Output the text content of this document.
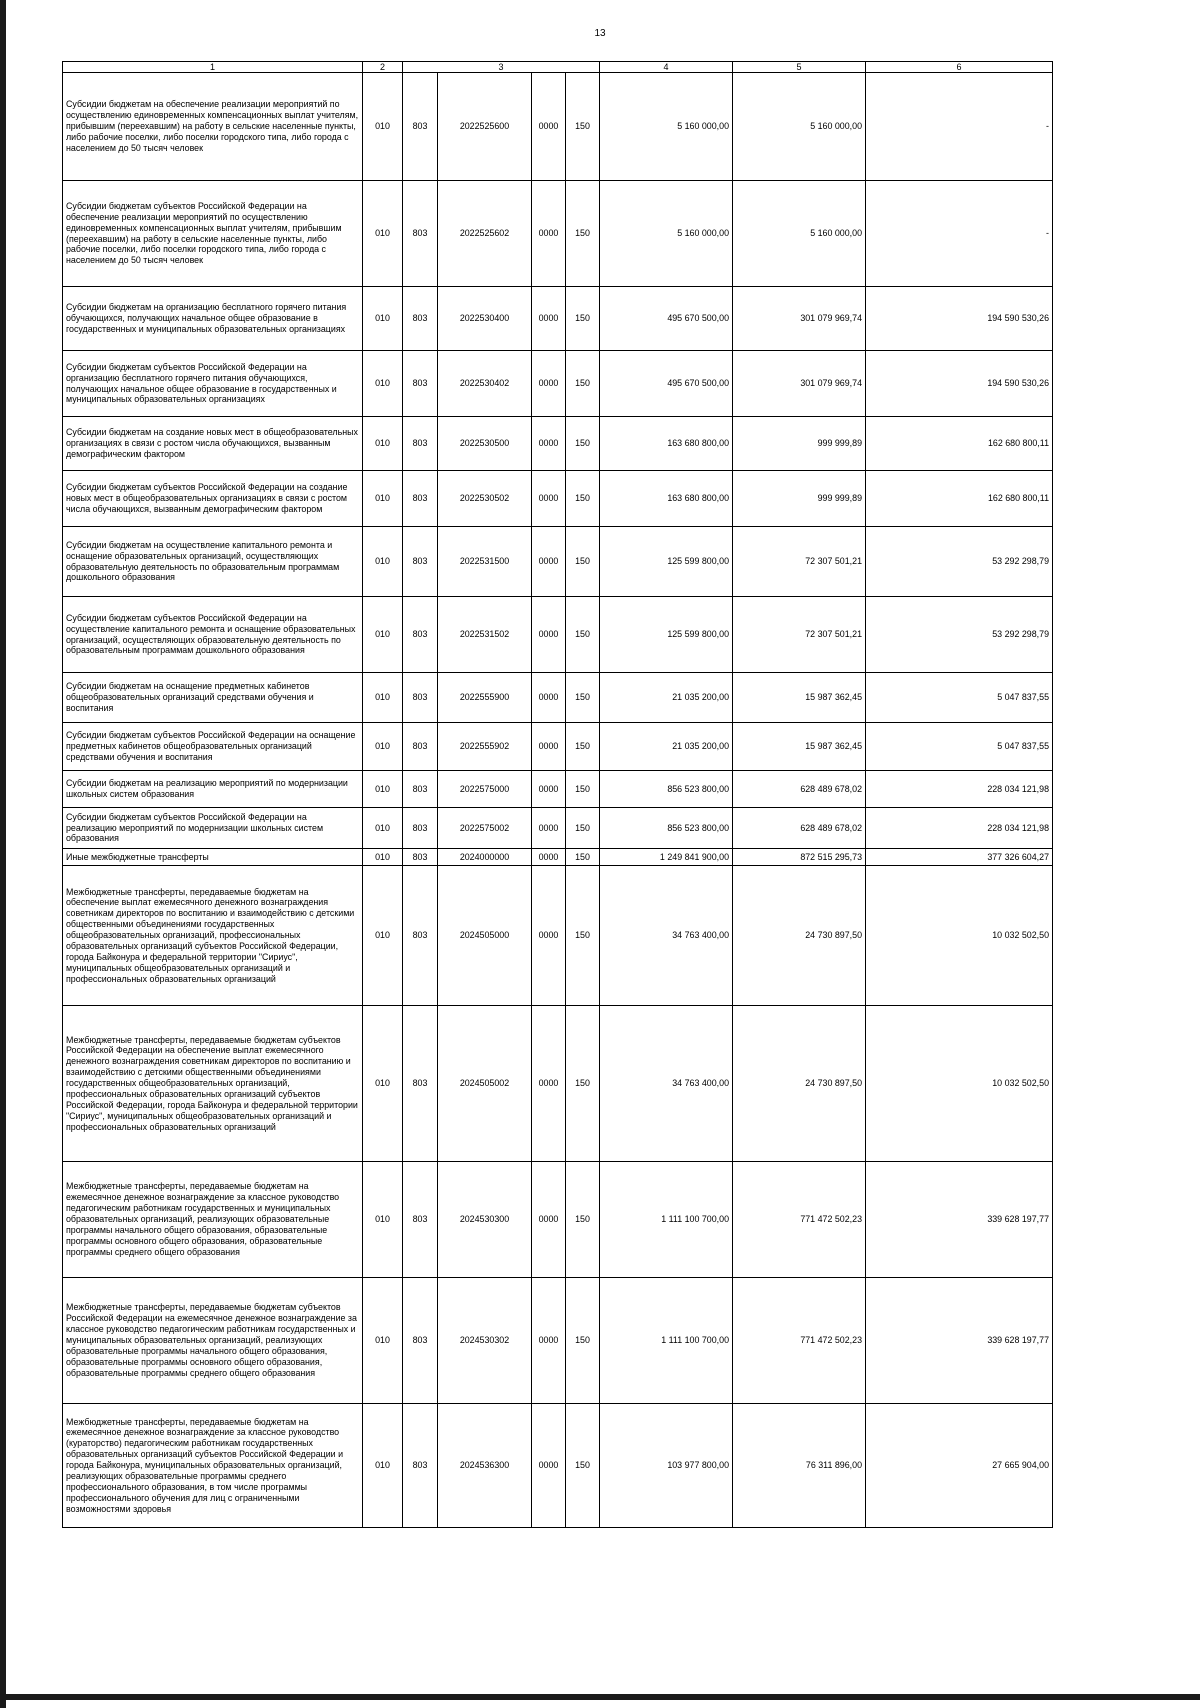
13
1	2	3				4	5	6
Субсидии бюджетам на обеспечение реализации мероприятий по осуществлению единовременных компенсационных выплат учителям, прибывшим (переехавшим) на работу в сельские населенные пункты, либо рабочие поселки, либо поселки городского типа, либо города с населением до 50 тысяч человек	010	803	2022525600	0000	150	5 160 000,00	5 160 000,00	-
Субсидии бюджетам субъектов Российской Федерации на обеспечение реализации мероприятий по осуществлению единовременных компенсационных выплат учителям, прибывшим (переехавшим) на работу в сельские населенные пункты, либо рабочие поселки, либо поселки городского типа, либо города с населением до 50 тысяч человек	010	803	2022525602	0000	150	5 160 000,00	5 160 000,00	-
Субсидии бюджетам на организацию бесплатного горячего питания обучающихся, получающих начальное общее образование в государственных и муниципальных образовательных организациях	010	803	2022530400	0000	150	495 670 500,00	301 079 969,74	194 590 530,26
Субсидии бюджетам субъектов Российской Федерации на организацию бесплатного горячего питания обучающихся, получающих начальное общее образование в государственных и муниципальных образовательных организациях	010	803	2022530402	0000	150	495 670 500,00	301 079 969,74	194 590 530,26
Субсидии бюджетам на создание новых мест в общеобразовательных организациях в связи с ростом числа обучающихся, вызванным демографическим фактором	010	803	2022530500	0000	150	163 680 800,00	999 999,89	162 680 800,11
Субсидии бюджетам субъектов Российской Федерации на создание новых мест в общеобразовательных организациях в связи с ростом числа обучающихся, вызванным демографическим фактором	010	803	2022530502	0000	150	163 680 800,00	999 999,89	162 680 800,11
Субсидии бюджетам на осуществление капитального ремонта и оснащение образовательных организаций, осуществляющих образовательную деятельность по образовательным программам дошкольного образования	010	803	2022531500	0000	150	125 599 800,00	72 307 501,21	53 292 298,79
Субсидии бюджетам субъектов Российской Федерации на осуществление капитального ремонта и оснащение образовательных организаций, осуществляющих образовательную деятельность по образовательным программам дошкольного образования	010	803	2022531502	0000	150	125 599 800,00	72 307 501,21	53 292 298,79
Субсидии бюджетам на оснащение предметных кабинетов общеобразовательных организаций средствами обучения и воспитания	010	803	2022555900	0000	150	21 035 200,00	15 987 362,45	5 047 837,55
Субсидии бюджетам субъектов Российской Федерации на оснащение предметных кабинетов общеобразовательных организаций средствами обучения и воспитания	010	803	2022555902	0000	150	21 035 200,00	15 987 362,45	5 047 837,55
Субсидии бюджетам на реализацию мероприятий по модернизации школьных систем образования	010	803	2022575000	0000	150	856 523 800,00	628 489 678,02	228 034 121,98
Субсидии бюджетам субъектов Российской Федерации на реализацию мероприятий по модернизации школьных систем образования	010	803	2022575002	0000	150	856 523 800,00	628 489 678,02	228 034 121,98
Иные межбюджетные трансферты	010	803	2024000000	0000	150	1 249 841 900,00	872 515 295,73	377 326 604,27
Межбюджетные трансферты, передаваемые бюджетам на обеспечение выплат ежемесячного денежного вознаграждения советникам директоров по воспитанию и взаимодействию с детскими общественными объединениями государственных общеобразовательных организаций, профессиональных образовательных организаций субъектов Российской Федерации, города Байконура и федеральной территории "Сириус", муниципальных общеобразовательных организаций и профессиональных образовательных организаций	010	803	2024505000	0000	150	34 763 400,00	24 730 897,50	10 032 502,50
Межбюджетные трансферты, передаваемые бюджетам субъектов Российской Федерации на обеспечение выплат ежемесячного денежного вознаграждения советникам директоров по воспитанию и взаимодействию с детскими общественными объединениями государственных общеобразовательных организаций, профессиональных образовательных организаций субъектов Российской Федерации, города Байконура и федеральной территории "Сириус", муниципальных общеобразовательных организаций и профессиональных образовательных организаций	010	803	2024505002	0000	150	34 763 400,00	24 730 897,50	10 032 502,50
Межбюджетные трансферты, передаваемые бюджетам на ежемесячное денежное вознаграждение за классное руководство педагогическим работникам государственных и муниципальных образовательных организаций, реализующих образовательные программы начального общего образования, образовательные программы основного общего образования, образовательные программы среднего общего образования	010	803	2024530300	0000	150	1 111 100 700,00	771 472 502,23	339 628 197,77
Межбюджетные трансферты, передаваемые бюджетам субъектов Российской Федерации на ежемесячное денежное вознаграждение за классное руководство педагогическим работникам государственных и муниципальных образовательных организаций, реализующих образовательные программы начального общего образования, образовательные программы основного общего образования, образовательные программы среднего общего образования	010	803	2024530302	0000	150	1 111 100 700,00	771 472 502,23	339 628 197,77
Межбюджетные трансферты, передаваемые бюджетам на ежемесячное денежное вознаграждение за классное руководство (кураторство) педагогическим работникам государственных образовательных организаций субъектов Российской Федерации и города Байконура, муниципальных образовательных организаций, реализующих образовательные программы среднего профессионального образования, в том числе программы профессионального обучения для лиц с ограниченными возможностями здоровья	010	803	2024536300	0000	150	103 977 800,00	76 311 896,00	27 665 904,00
